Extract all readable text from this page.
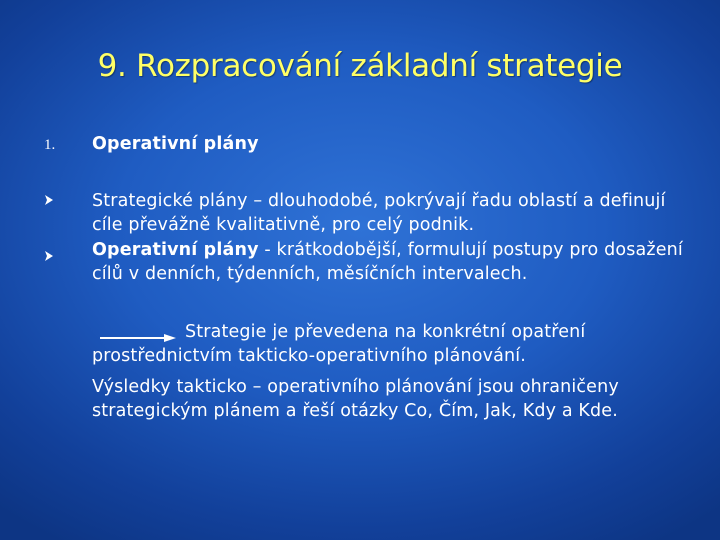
9. Rozpracování základní strategie
1. Operativní plány
Strategické plány – dlouhodobé, pokrývají řadu oblastí a definují cíle převážně kvalitativně, pro celý podnik.
Operativní plány - krátkodobější, formulují postupy pro dosažení cílů v denních, týdenních, měsíčních intervalech.
Strategie je převedena na konkrétní opatření prostřednictvím takticko-operativního plánování.
Výsledky takticko – operativního plánování jsou ohraničeny strategickým plánem a řeší otázky Co, Čím, Jak, Kdy a Kde.
